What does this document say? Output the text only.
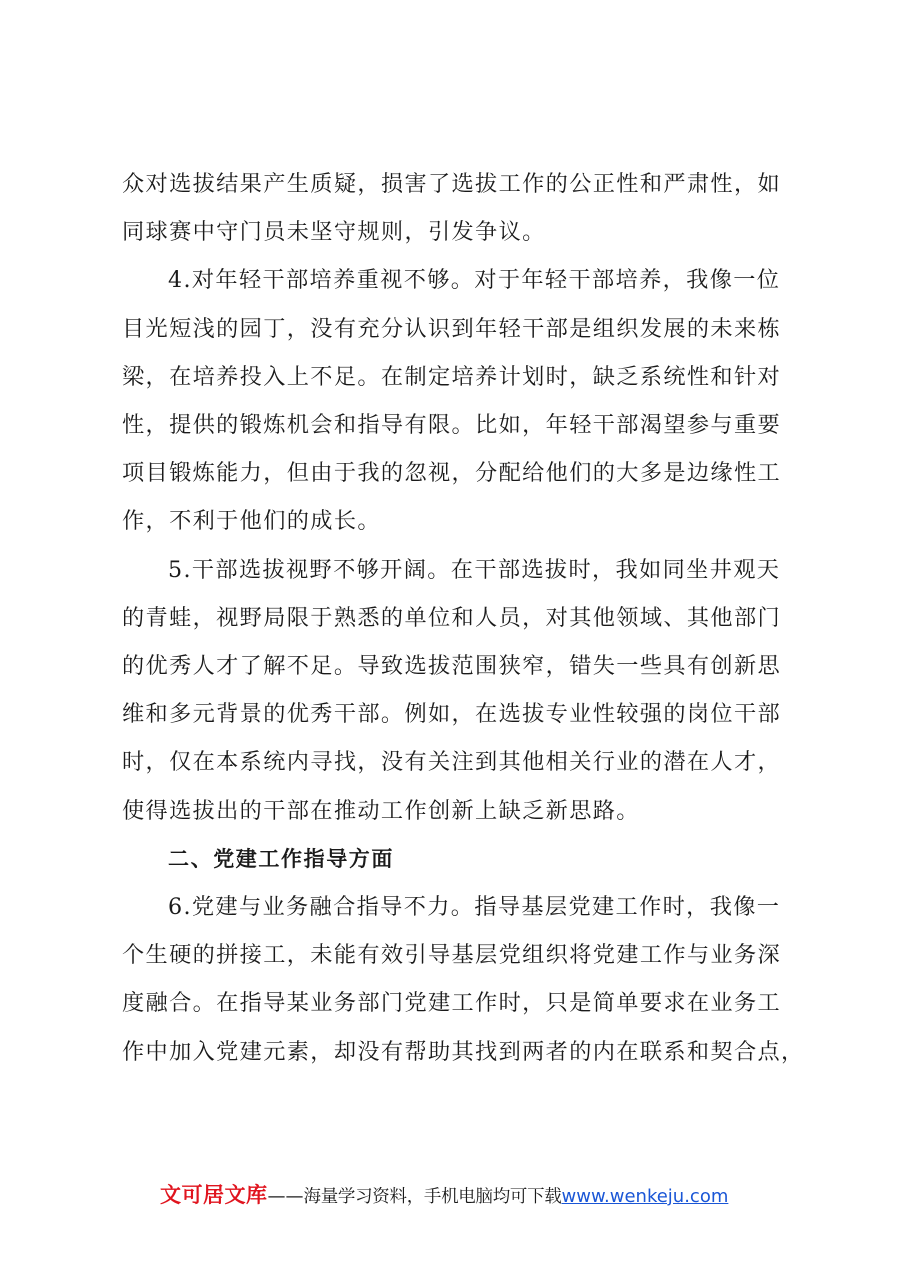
众对选拔结果产生质疑，损害了选拔工作的公正性和严肃性，如
同球赛中守门员未坚守规则，引发争议。

4.对年轻干部培养重视不够。对于年轻干部培养，我像一位
目光短浅的园丁，没有充分认识到年轻干部是组织发展的未来栋
梁，在培养投入上不足。在制定培养计划时，缺乏系统性和针对
性，提供的锻炼机会和指导有限。比如，年轻干部渴望参与重要
项目锻炼能力，但由于我的忽视，分配给他们的大多是边缘性工
作，不利于他们的成长。

5.干部选拔视野不够开阔。在干部选拔时，我如同坐井观天
的青蛙，视野局限于熟悉的单位和人员，对其他领域、其他部门
的优秀人才了解不足。导致选拔范围狭窄，错失一些具有创新思
维和多元背景的优秀干部。例如，在选拔专业性较强的岗位干部
时，仅在本系统内寻找，没有关注到其他相关行业的潜在人才，
使得选拔出的干部在推动工作创新上缺乏新思路。

二、党建工作指导方面

6.党建与业务融合指导不力。指导基层党建工作时，我像一
个生硬的拼接工，未能有效引导基层党组织将党建工作与业务深
度融合。在指导某业务部门党建工作时，只是简单要求在业务工
作中加入党建元素，却没有帮助其找到两者的内在联系和契合点，

文可居文库——海量学习资料，手机电脑均可下载www.wenkeju.com
